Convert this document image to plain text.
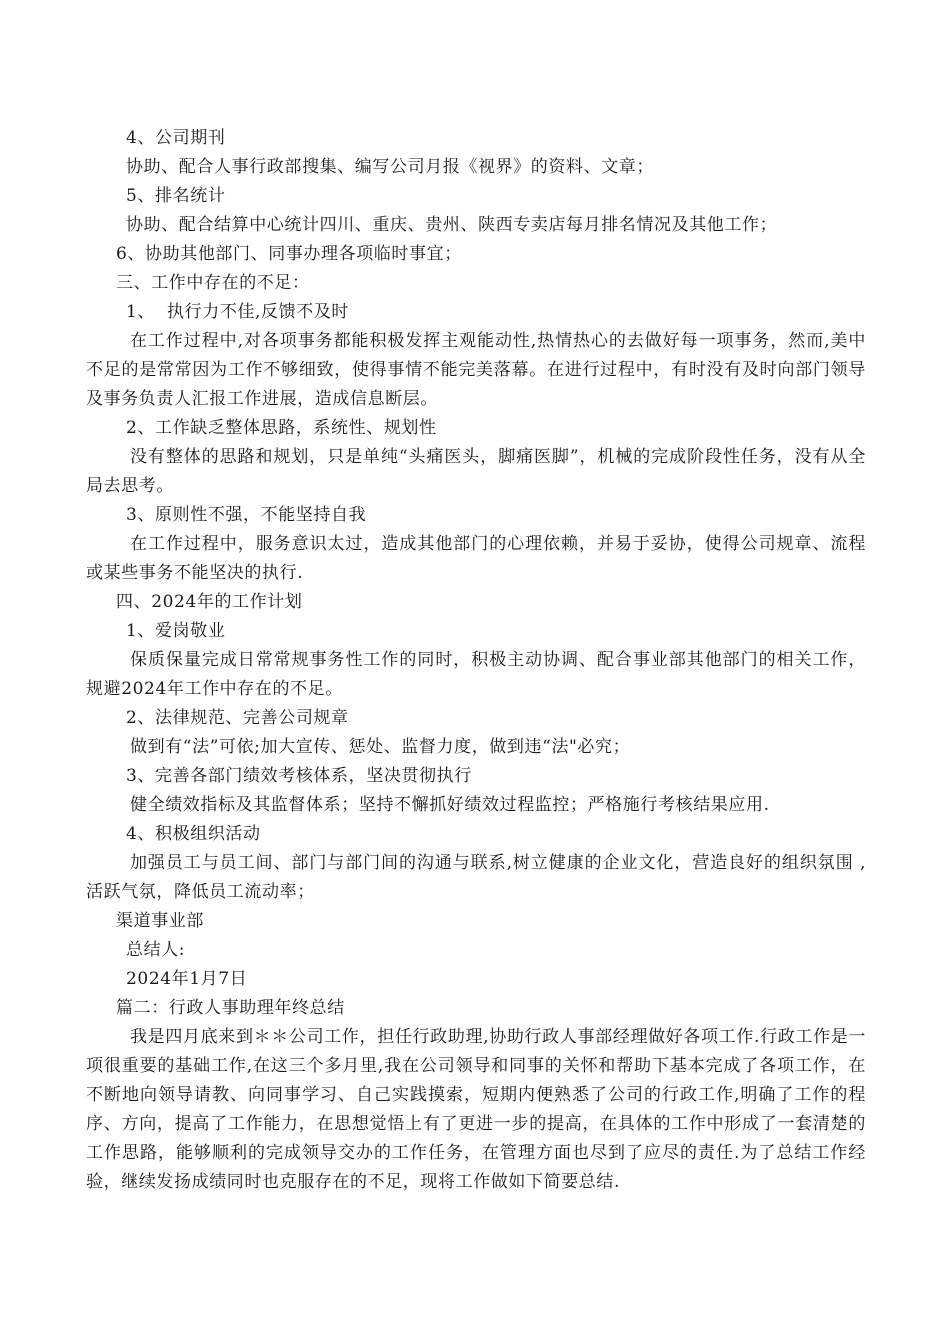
4、公司期刊

协助、配合人事行政部搜集、编写公司月报《视界》的资料、文章；

5、排名统计

协助、配合结算中心统计四川、重庆、贵州、陕西专卖店每月排名情况及其他工作；

6、协助其他部门、同事办理各项临时事宜；

三、工作中存在的不足：

1、  执行力不佳,反馈不及时

在工作过程中,对各项事务都能积极发挥主观能动性,热情热心的去做好每一项事务，然而,美中不足的是常常因为工作不够细致，使得事情不能完美落幕。在进行过程中，有时没有及时向部门领导及事务负责人汇报工作进展，造成信息断层。

2、工作缺乏整体思路，系统性、规划性

没有整体的思路和规划，只是单纯“头痛医头，脚痛医脚”，机械的完成阶段性任务，没有从全局去思考。

3、原则性不强，不能坚持自我

在工作过程中，服务意识太过，造成其他部门的心理依赖，并易于妥协，使得公司规章、流程或某些事务不能坚决的执行.

四、2024年的工作计划

1、爱岗敬业

保质保量完成日常常规事务性工作的同时，积极主动协调、配合事业部其他部门的相关工作，规避2024年工作中存在的不足。

2、法律规范、完善公司规章

做到有“法”可依;加大宣传、惩处、监督力度，做到违“法"必究；

3、完善各部门绩效考核体系，坚决贯彻执行

健全绩效指标及其监督体系；坚持不懈抓好绩效过程监控；严格施行考核结果应用.

4、积极组织活动

加强员工与员工间、部门与部门间的沟通与联系,树立健康的企业文化，营造良好的组织氛围 ,活跃气氛，降低员工流动率；

渠道事业部

总结人:

2024年1月7日

篇二：行政人事助理年终总结

我是四月底来到＊＊公司工作，担任行政助理,协助行政人事部经理做好各项工作.行政工作是一项很重要的基础工作,在这三个多月里,我在公司领导和同事的关怀和帮助下基本完成了各项工作，在不断地向领导请教、向同事学习、自己实践摸索，短期内便熟悉了公司的行政工作,明确了工作的程序、方向，提高了工作能力，在思想觉悟上有了更进一步的提高，在具体的工作中形成了一套清楚的工作思路，能够顺利的完成领导交办的工作任务，在管理方面也尽到了应尽的责任.为了总结工作经验，继续发扬成绩同时也克服存在的不足，现将工作做如下简要总结.
